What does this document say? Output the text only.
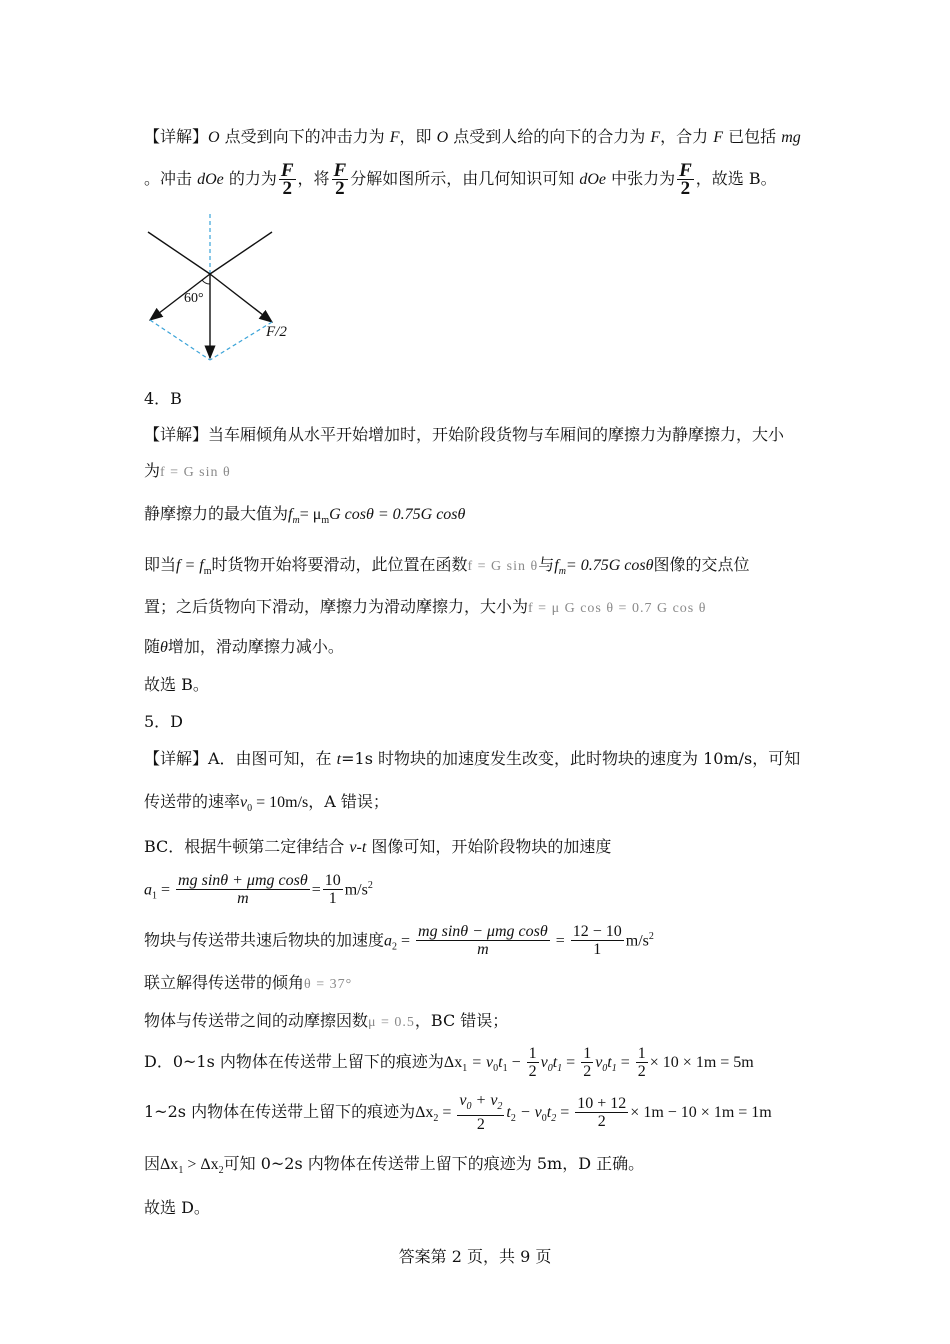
【详解】O 点受到向下的冲击力为 F，即 O 点受到人给的向下的合力为 F，合力 F 已包括 mg
。冲击 dOe 的力为 $\frac{F}{2}$ ，将 $\frac{F}{2}$ 分解如图所示，由几何知识可知 dOe 中张力为 $\frac{F}{2}$ ，故选 B。
60°
F/2
4．B
【详解】当车厢倾角从水平开始增加时，开始阶段货物与车厢间的摩擦力为静摩擦力，大小
为f = G sin θ
静摩擦力的最大值为$f_m= \mu_mG$ cosθ = 0.75G cosθ
即当$f = f_m$时货物开始将要滑动，此位置在函数f = G sin θ与$f_m= 0.75G$ cosθ图像的交点位
置；之后货物向下滑动，摩擦力为滑动摩擦力，大小为f = μ G cos θ = 0.7 G cos θ
随θ增加，滑动摩擦力减小。
故选 B。
5．D
【详解】A．由图可知，在 t=1s 时物块的加速度发生改变，此时物块的速度为 10m/s，可知
传送带的速率$v_0 = 10m/s$，A 错误；
BC．根据牛顿第二定律结合 v-t 图像可知，开始阶段物块的加速度
$a_1 = \frac{\text{mg sinθ + μmg cosθ}}{m} = \frac{10}{1} m/s^2$
物块与传送带共速后物块的加速度$a_2 = \frac{\text{mg sinθ − μmg cosθ}}{m} = \frac{12 - 10}{1} m/s^2$
联立解得传送带的倾角θ = 37°
物体与传送带之间的动摩擦因数μ = 0.5，BC 错误；
D．0~1s 内物体在传送带上留下的痕迹为$\Delta x_1 = v_0t_1 - \frac{1}{2} v_0t_1 = \frac{1}{2} v_0t_1 = \frac{1}{2} \times 10 \times 1m = 5m$
1~2s 内物体在传送带上留下的痕迹为$\Delta x_2 = \frac{v_0 + v_2}{2} t_2 - v_0t_2 = \frac{10 + 12}{2} \times 1m - 10 \times 1m = 1m$
因$\Delta x_1 > \Delta x_2$可知 0~2s 内物体在传送带上留下的痕迹为 5m，D 正确。
故选 D。
答案第 2 页，共 9 页
